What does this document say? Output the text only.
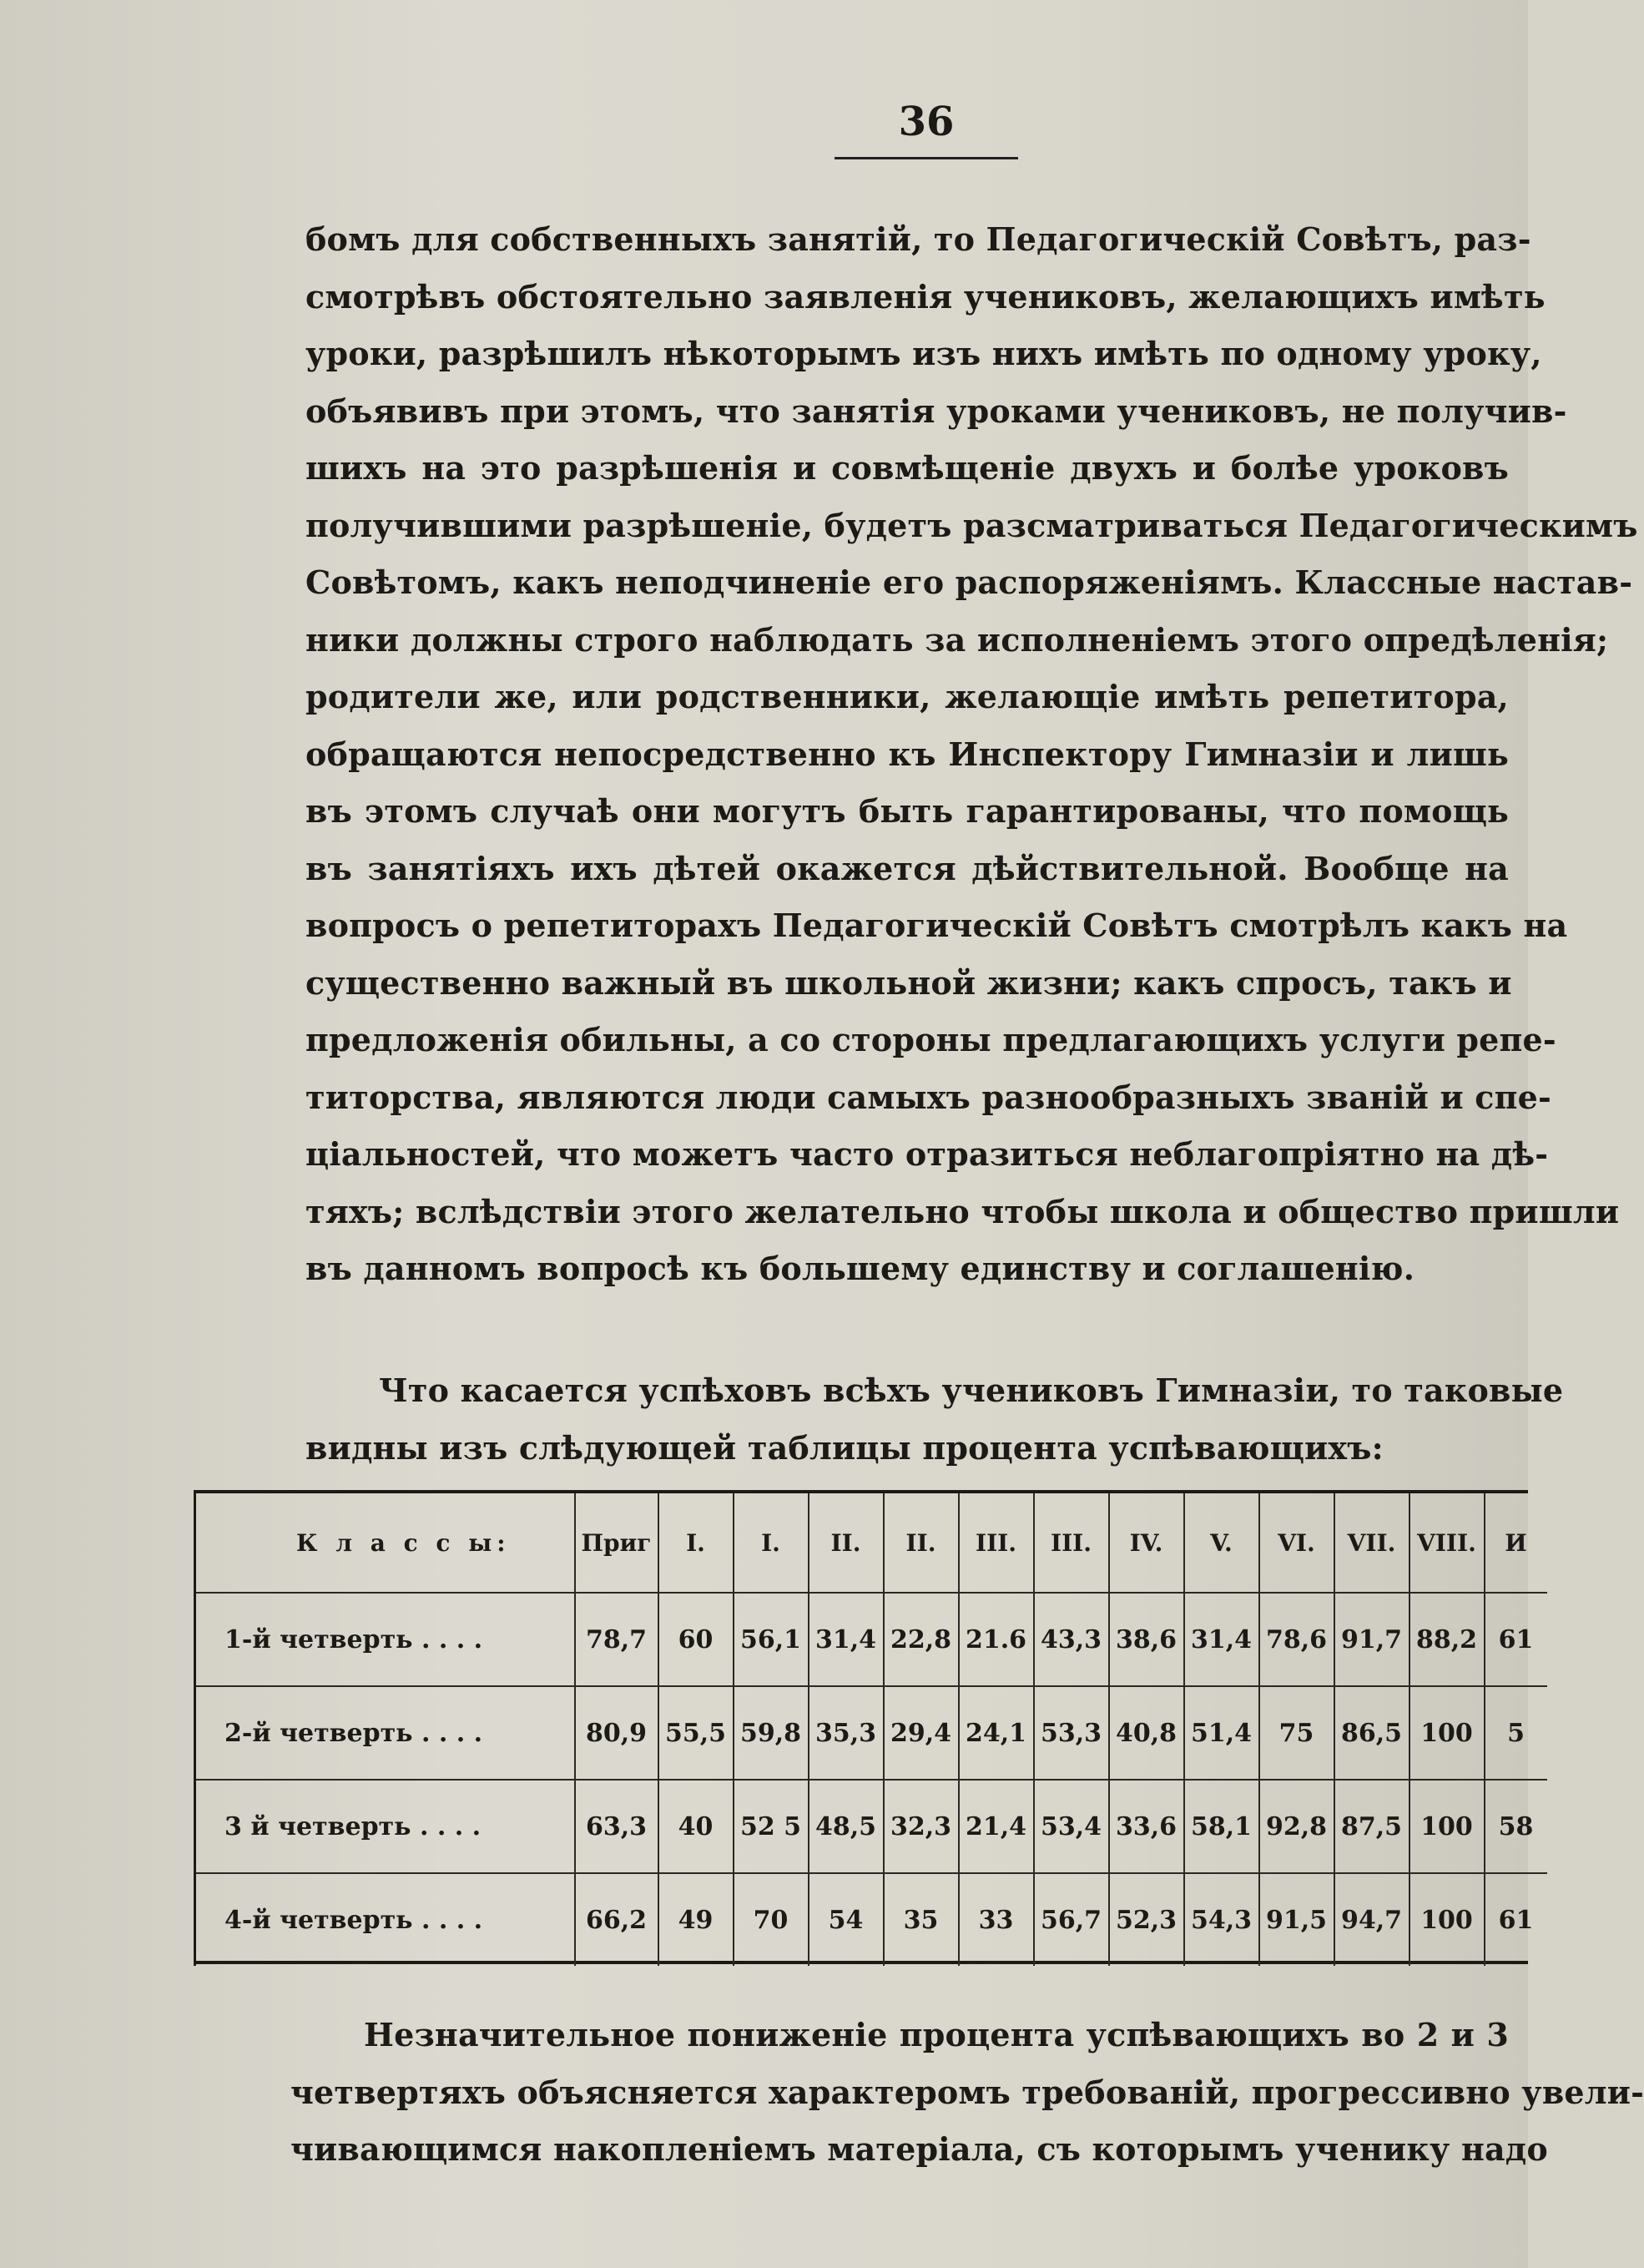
36
бомъ для собственныхъ занятій, то Педагогическій Совѣтъ, раз-
смотрѣвъ обстоятельно заявленія учениковъ, желающихъ имѣть
уроки, разрѣшилъ нѣкоторымъ изъ нихъ имѣть по одному уроку,
объявивъ при этомъ, что занятія уроками учениковъ, не получив-
шихъ на это разрѣшенія и совмѣщеніе двухъ и болѣе уроковъ
получившими разрѣшеніе, будетъ разсматриваться Педагогическимъ
Совѣтомъ, какъ неподчиненіе его распоряженіямъ. Классные настав-
ники должны строго наблюдать за исполненіемъ этого опредѣленія;
родители же, или родственники, желающіе имѣть репетитора,
обращаются непосредственно къ Инспектору Гимназіи и лишь
въ этомъ случаѣ они могутъ быть гарантированы, что помощь
въ занятіяхъ ихъ дѣтей окажется дѣйствительной. Вообще на
вопросъ о репетиторахъ Педагогическій Совѣтъ смотрѣлъ какъ на
существенно важный въ школьной жизни; какъ спросъ, такъ и
предложенія обильны, а со стороны предлагающихъ услуги репе-
титорства, являются люди самыхъ разнообразныхъ званій и спе-
ціальностей, что можетъ часто отразиться неблагопріятно на дѣ-
тяхъ; вслѣдствіи этого желательно чтобы школа и общество пришли
въ данномъ вопросѣ къ большему единству и соглашенію.
Что касается успѣховъ всѣхъ учениковъ Гимназіи, то таковые
видны изъ слѣдующей таблицы процента успѣвающихъ:
К л а с с ы:	Приг	I.	I.	II.	II.	III.	III.	IV.	V.	VI.	VII.	VIII.	И
1-й четверть . . . .	78,7	60	56,1	31,4	22,8	21.6	43,3	38,6	31,4	78,6	91,7	88,2	61
2-й четверть . . . .	80,9	55,5	59,8	35,3	29,4	24,1	53,3	40,8	51,4	75	86,5	100	5
3 й четверть . . . .	63,3	40	52 5	48,5	32,3	21,4	53,4	33,6	58,1	92,8	87,5	100	58
4-й четверть . . . .	66,2	49	70	54	35	33	56,7	52,3	54,3	91,5	94,7	100	61
Незначительное пониженіе процента успѣвающихъ во 2 и 3
четвертяхъ объясняется характеромъ требованій, прогрессивно увели-
чивающимся накопленіемъ матеріала, съ которымъ ученику надо
